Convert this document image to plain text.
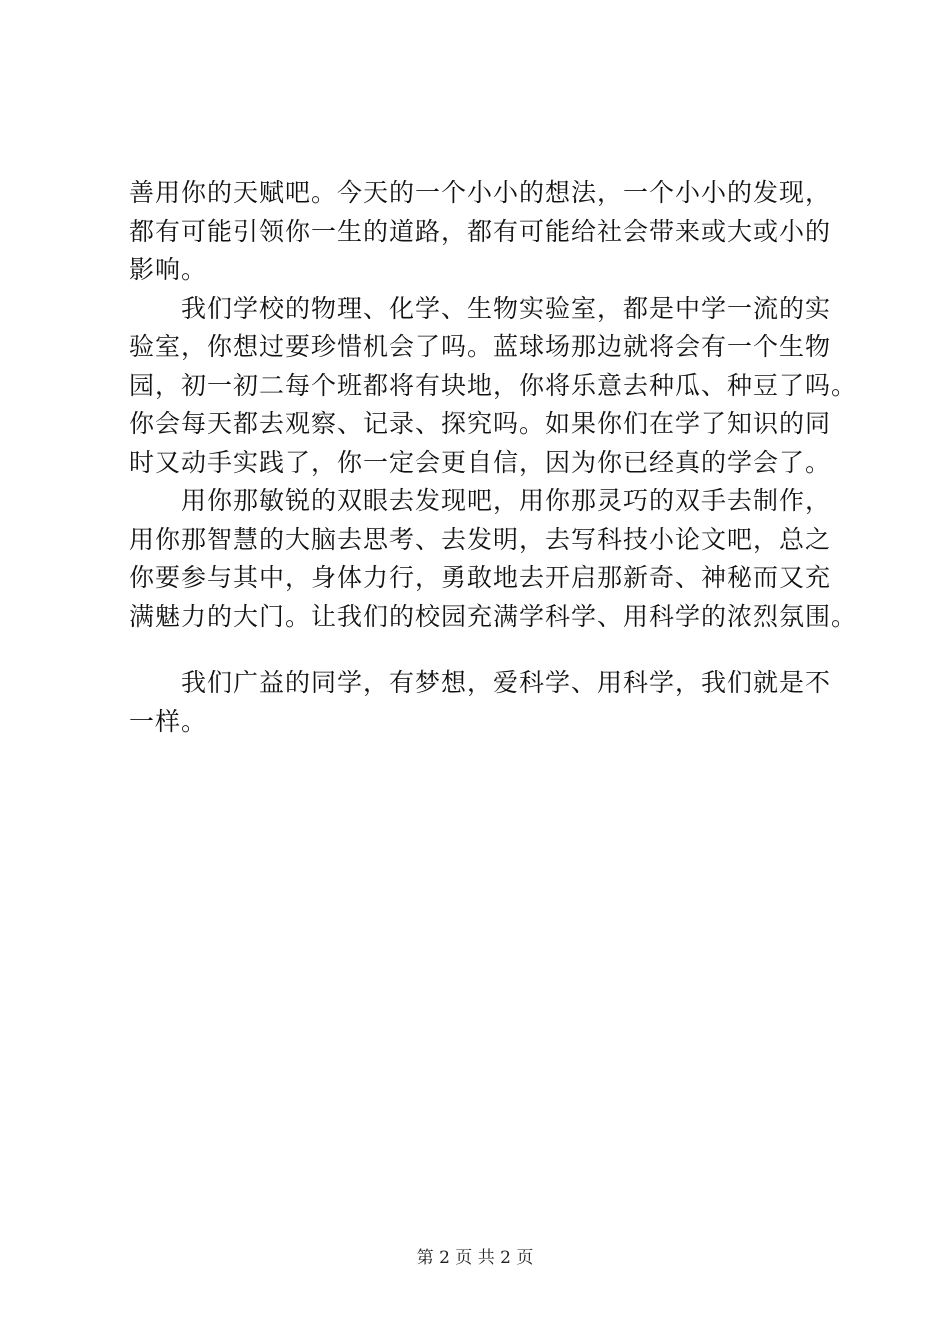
善用你的天赋吧。今天的一个小小的想法，一个小小的发现，
都有可能引领你一生的道路，都有可能给社会带来或大或小的
影响。
我们学校的物理、化学、生物实验室，都是中学一流的实
验室，你想过要珍惜机会了吗。蓝球场那边就将会有一个生物
园，初一初二每个班都将有块地，你将乐意去种瓜、种豆了吗。
你会每天都去观察、记录、探究吗。如果你们在学了知识的同
时又动手实践了，你一定会更自信，因为你已经真的学会了。
用你那敏锐的双眼去发现吧，用你那灵巧的双手去制作，
用你那智慧的大脑去思考、去发明，去写科技小论文吧，总之
你要参与其中，身体力行，勇敢地去开启那新奇、神秘而又充
满魅力的大门。让我们的校园充满学科学、用科学的浓烈氛围。
我们广益的同学，有梦想，爱科学、用科学，我们就是不
一样。
第 2 页 共 2 页
